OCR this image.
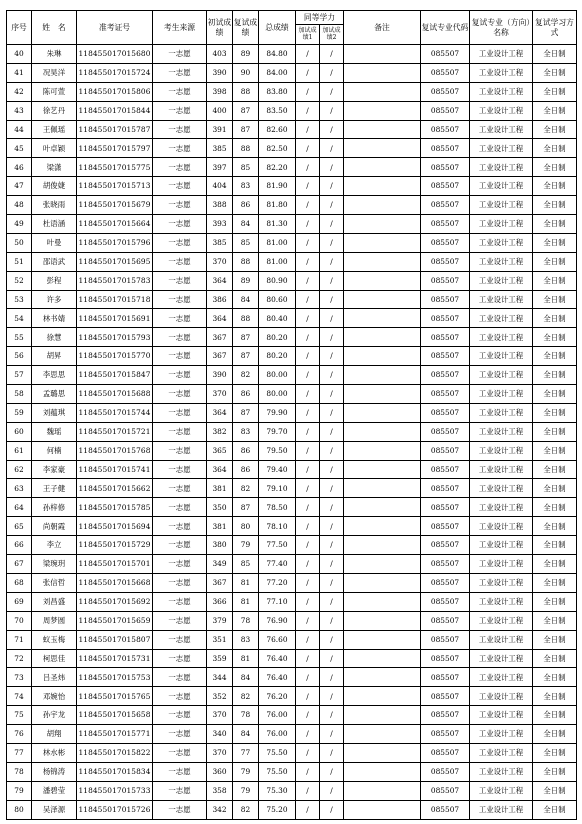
序号	姓　名	准考证号	考生来源	初试成绩	复试成绩	总成绩	同等学力		备注	复试专业代码	复试专业（方向）名称	复试学习方式

							加试成绩1	加试成绩2				

40	朱琳	118455017015680	一志愿	403	89	84.80	/	/		085507	工业设计工程	全日制
41	况昊洋	118455017015724	一志愿	390	90	84.00	/	/		085507	工业设计工程	全日制
42	陈可萱	118455017015806	一志愿	398	88	83.80	/	/		085507	工业设计工程	全日制
43	徐艺丹	118455017015844	一志愿	400	87	83.50	/	/		085507	工业设计工程	全日制
44	王佩瑶	118455017015787	一志愿	391	87	82.60	/	/		085507	工业设计工程	全日制
45	叶卓颖	118455017015797	一志愿	385	88	82.50	/	/		085507	工业设计工程	全日制
46	梁潇	118455017015775	一志愿	397	85	82.20	/	/		085507	工业设计工程	全日制
47	胡俊婕	118455017015713	一志愿	404	83	81.90	/	/		085507	工业设计工程	全日制
48	张晓雨	118455017015679	一志愿	388	86	81.80	/	/		085507	工业设计工程	全日制
49	杜语涵	118455017015664	一志愿	393	84	81.30	/	/		085507	工业设计工程	全日制
50	叶曼	118455017015796	一志愿	385	85	81.00	/	/		085507	工业设计工程	全日制
51	邵语武	118455017015695	一志愿	370	88	81.00	/	/		085507	工业设计工程	全日制
52	彭程	118455017015783	一志愿	364	89	80.90	/	/		085507	工业设计工程	全日制
53	许多	118455017015718	一志愿	386	84	80.60	/	/		085507	工业设计工程	全日制
54	林书婧	118455017015691	一志愿	364	88	80.40	/	/		085507	工业设计工程	全日制
55	徐慧	118455017015793	一志愿	367	87	80.20	/	/		085507	工业设计工程	全日制
56	胡昇	118455017015770	一志愿	367	87	80.20	/	/		085507	工业设计工程	全日制
57	李思思	118455017015847	一志愿	390	82	80.00	/	/		085507	工业设计工程	全日制
58	孟璐思	118455017015688	一志愿	370	86	80.00	/	/		085507	工业设计工程	全日制
59	刘蕴琪	118455017015744	一志愿	364	87	79.90	/	/		085507	工业设计工程	全日制
60	魏瑶	118455017015721	一志愿	382	83	79.70	/	/		085507	工业设计工程	全日制
61	何楠	118455017015768	一志愿	365	86	79.50	/	/		085507	工业设计工程	全日制
62	李家豪	118455017015741	一志愿	364	86	79.40	/	/		085507	工业设计工程	全日制
63	王子健	118455017015662	一志愿	381	82	79.10	/	/		085507	工业设计工程	全日制
64	孙梓修	118455017015785	一志愿	350	87	78.50	/	/		085507	工业设计工程	全日制
65	尚朝霞	118455017015694	一志愿	381	80	78.10	/	/		085507	工业设计工程	全日制
66	李立	118455017015729	一志愿	380	79	77.50	/	/		085507	工业设计工程	全日制
67	梁琬玥	118455017015701	一志愿	349	85	77.40	/	/		085507	工业设计工程	全日制
68	张信哲	118455017015668	一志愿	367	81	77.20	/	/		085507	工业设计工程	全日制
69	刘昌盛	118455017015692	一志愿	366	81	77.10	/	/		085507	工业设计工程	全日制
70	周梦圆	118455017015659	一志愿	379	78	76.90	/	/		085507	工业设计工程	全日制
71	蚁玉梅	118455017015807	一志愿	351	83	76.60	/	/		085507	工业设计工程	全日制
72	柯思佳	118455017015731	一志愿	359	81	76.40	/	/		085507	工业设计工程	全日制
73	吕圣炜	118455017015753	一志愿	344	84	76.40	/	/		085507	工业设计工程	全日制
74	邓婉怡	118455017015765	一志愿	352	82	76.20	/	/		085507	工业设计工程	全日制
75	孙宇龙	118455017015658	一志愿	370	78	76.00	/	/		085507	工业设计工程	全日制
76	胡翔	118455017015771	一志愿	340	84	76.00	/	/		085507	工业设计工程	全日制
77	林水彬	118455017015822	一志愿	370	77	75.50	/	/		085507	工业设计工程	全日制
78	杨锦涛	118455017015834	一志愿	360	79	75.50	/	/		085507	工业设计工程	全日制
79	潘碧莹	118455017015733	一志愿	358	79	75.30	/	/		085507	工业设计工程	全日制
80	吴泽源	118455017015726	一志愿	342	82	75.20	/	/		085507	工业设计工程	全日制
